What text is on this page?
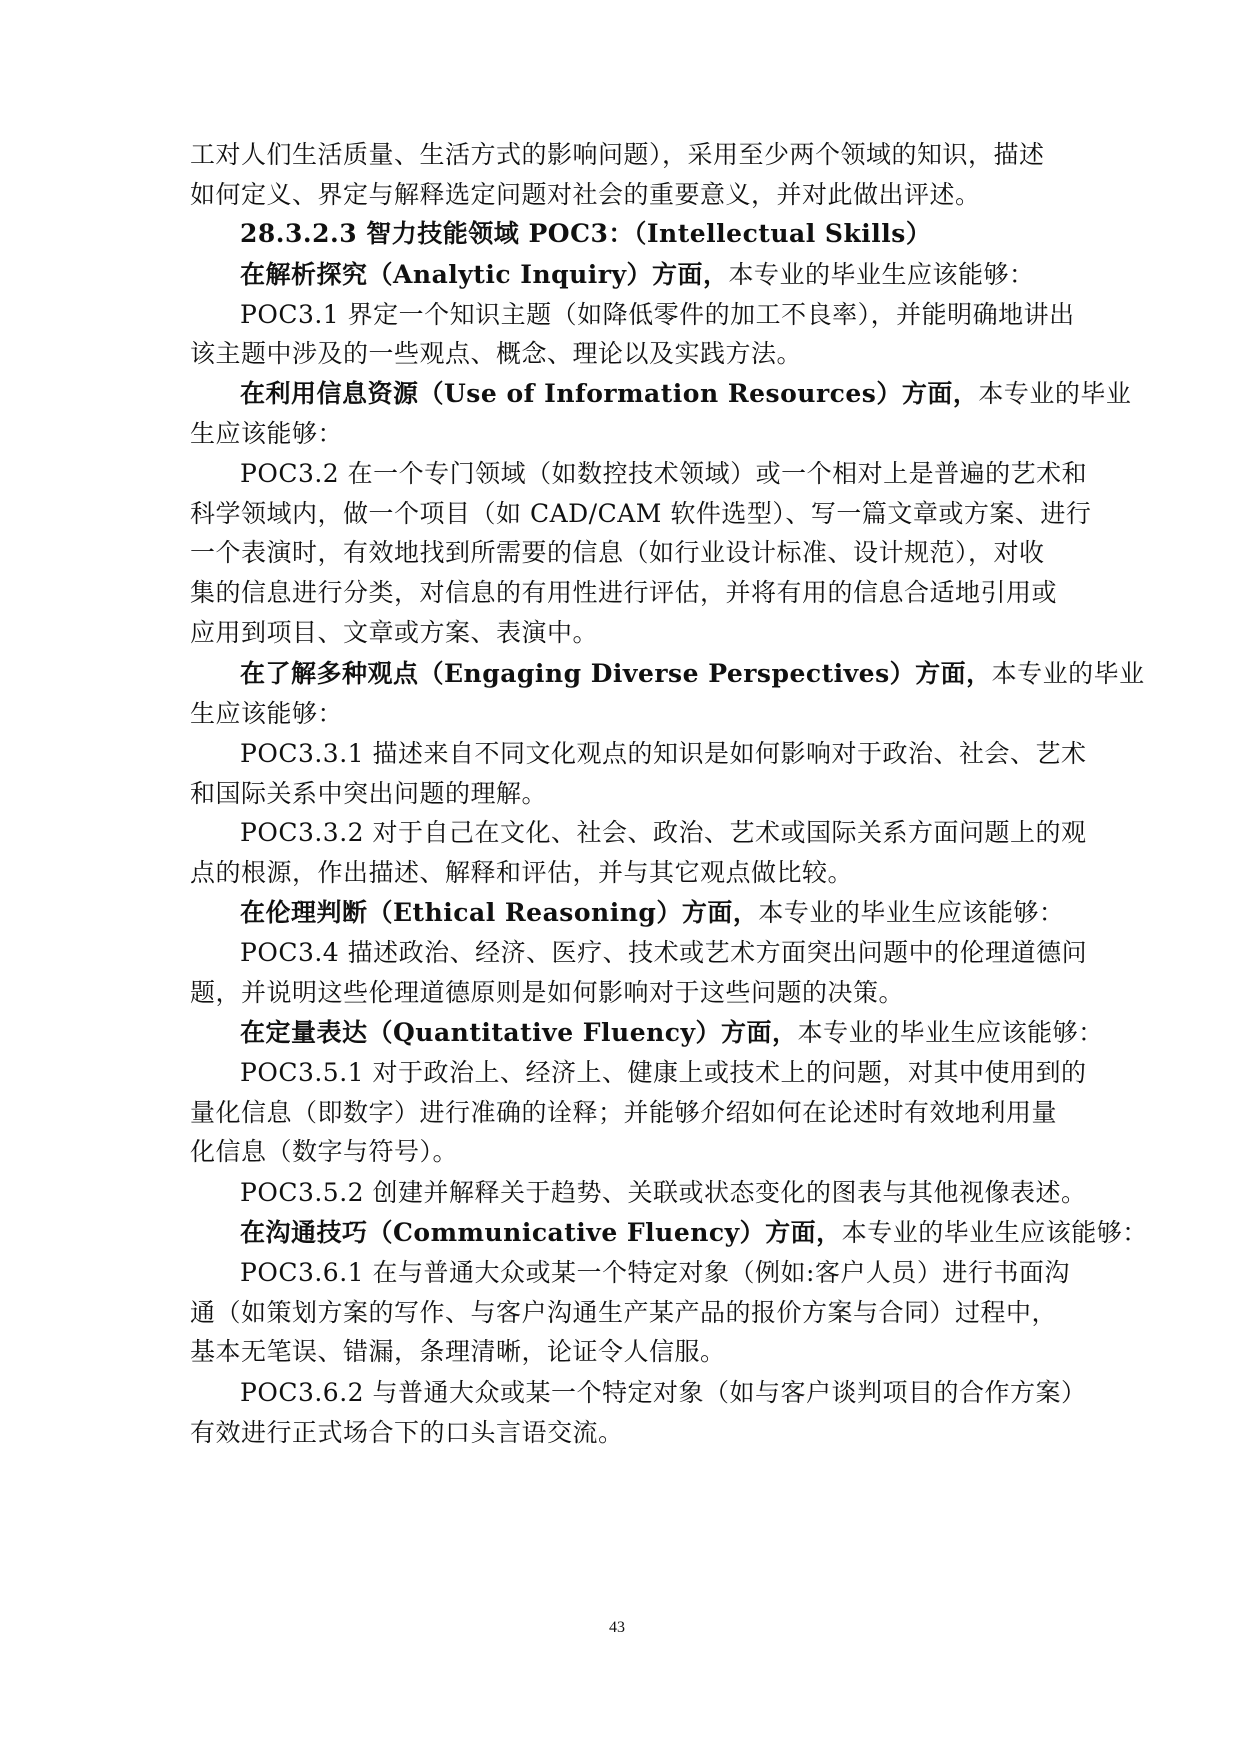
工对人们生活质量、生活方式的影响问题），采用至少两个领域的知识，描述
如何定义、界定与解释选定问题对社会的重要意义，并对此做出评述。
28.3.2.3 智力技能领域 POC3：（Intellectual Skills）
在解析探究（Analytic Inquiry）方面，本专业的毕业生应该能够：
POC3.1 界定一个知识主题（如降低零件的加工不良率），并能明确地讲出
该主题中涉及的一些观点、概念、理论以及实践方法。
在利用信息资源（Use of Information Resources）方面，本专业的毕业
生应该能够：
POC3.2 在一个专门领域（如数控技术领域）或一个相对上是普遍的艺术和
科学领域内，做一个项目（如 CAD/CAM 软件选型）、写一篇文章或方案、进行
一个表演时，有效地找到所需要的信息（如行业设计标准、设计规范），对收
集的信息进行分类，对信息的有用性进行评估，并将有用的信息合适地引用或
应用到项目、文章或方案、表演中。
在了解多种观点（Engaging Diverse Perspectives）方面，本专业的毕业
生应该能够：
POC3.3.1 描述来自不同文化观点的知识是如何影响对于政治、社会、艺术
和国际关系中突出问题的理解。
POC3.3.2 对于自己在文化、社会、政治、艺术或国际关系方面问题上的观
点的根源，作出描述、解释和评估，并与其它观点做比较。
在伦理判断（Ethical Reasoning）方面，本专业的毕业生应该能够：
POC3.4 描述政治、经济、医疗、技术或艺术方面突出问题中的伦理道德问
题，并说明这些伦理道德原则是如何影响对于这些问题的决策。
在定量表达（Quantitative Fluency）方面，本专业的毕业生应该能够：
POC3.5.1 对于政治上、经济上、健康上或技术上的问题，对其中使用到的
量化信息（即数字）进行准确的诠释；并能够介绍如何在论述时有效地利用量
化信息（数字与符号）。
POC3.5.2 创建并解释关于趋势、关联或状态变化的图表与其他视像表述。
在沟通技巧（Communicative Fluency）方面，本专业的毕业生应该能够：
POC3.6.1 在与普通大众或某一个特定对象（例如:客户人员）进行书面沟
通（如策划方案的写作、与客户沟通生产某产品的报价方案与合同）过程中，
基本无笔误、错漏，条理清晰，论证令人信服。
POC3.6.2 与普通大众或某一个特定对象（如与客户谈判项目的合作方案）
有效进行正式场合下的口头言语交流。
43
